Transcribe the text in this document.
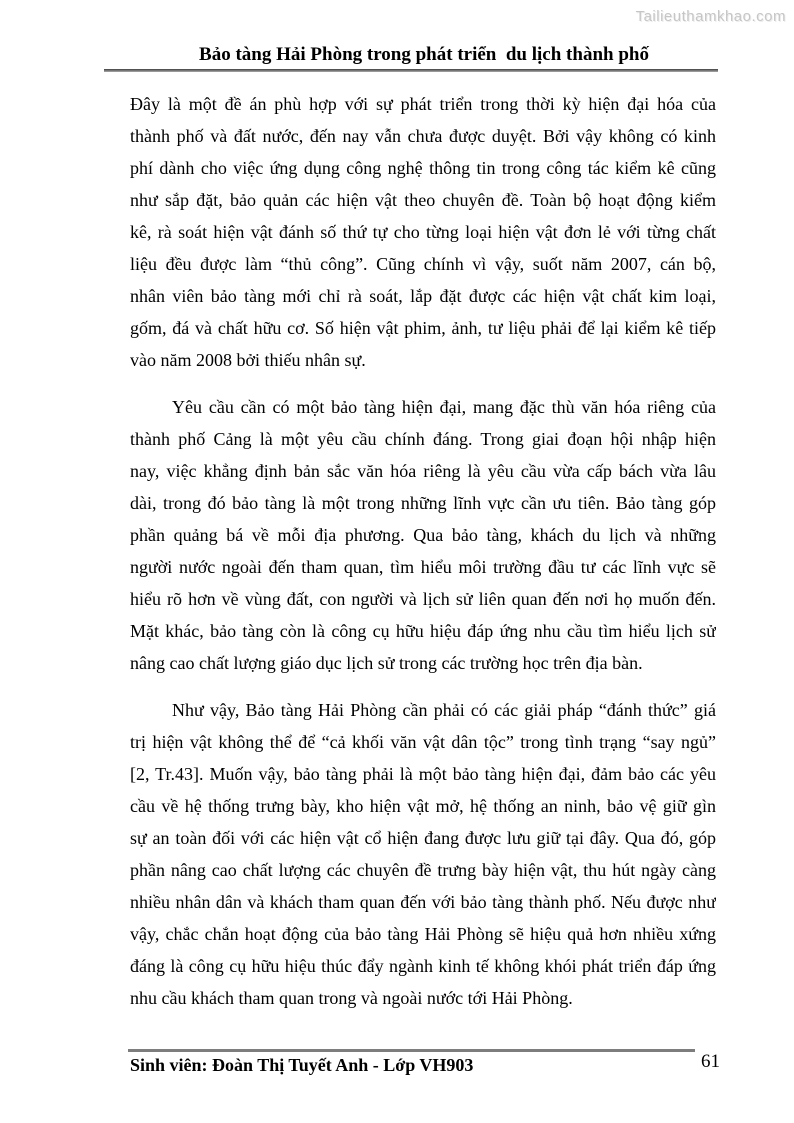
Tailieuthamkhao.com
Bảo tàng Hải Phòng trong phát triển  du lịch thành phố
Đây là một đề án phù hợp với sự phát triển trong thời kỳ hiện đại hóa của
thành phố và đất nước, đến nay vẫn chưa được duyệt. Bởi vậy không có kinh
phí dành cho việc ứng dụng công nghệ thông tin trong công tác kiểm kê cũng
như sắp đặt, bảo quản các hiện vật theo chuyên đề. Toàn bộ hoạt động kiểm
kê, rà soát hiện vật đánh số thứ tự cho từng loại hiện vật đơn lẻ với từng chất
liệu đều được làm “thủ công”. Cũng chính vì vậy, suốt năm 2007, cán bộ,
nhân viên bảo tàng mới chỉ rà soát, lắp đặt được các hiện vật chất kim loại,
gốm, đá và chất hữu cơ. Số hiện vật phim, ảnh, tư liệu phải để lại kiểm kê tiếp
vào năm 2008 bởi thiếu nhân sự.
Yêu cầu cần có một bảo tàng hiện đại, mang đặc thù văn hóa riêng của
thành phố Cảng là một yêu cầu chính đáng. Trong giai đoạn hội nhập hiện
nay, việc khẳng định bản sắc văn hóa riêng là yêu cầu vừa cấp bách vừa lâu
dài, trong đó bảo tàng là một trong những lĩnh vực cần ưu tiên. Bảo tàng góp
phần quảng bá về mỗi địa phương. Qua bảo tàng, khách du lịch và những
người nước ngoài đến tham quan, tìm hiểu môi trường đầu tư các lĩnh vực sẽ
hiểu rõ hơn về vùng đất, con người và lịch sử liên quan đến nơi họ muốn đến.
Mặt khác, bảo tàng còn là công cụ hữu hiệu đáp ứng nhu cầu tìm hiểu lịch sử
nâng cao chất lượng giáo dục lịch sử trong các trường học trên địa bàn.
Như vậy, Bảo tàng Hải Phòng cần phải có các giải pháp “đánh thức” giá
trị hiện vật không thể để “cả khối văn vật dân tộc” trong tình trạng “say ngủ”
[2, Tr.43]. Muốn vậy, bảo tàng phải là một bảo tàng hiện đại, đảm bảo các yêu
cầu về hệ thống trưng bày, kho hiện vật mở, hệ thống an ninh, bảo vệ giữ gìn
sự an toàn đối với các hiện vật cổ hiện đang được lưu giữ tại đây. Qua đó, góp
phần nâng cao chất lượng các chuyên đề trưng bày hiện vật, thu hút ngày càng
nhiều nhân dân và khách tham quan đến với bảo tàng thành phố. Nếu được như
vậy, chắc chắn hoạt động của bảo tàng Hải Phòng sẽ hiệu quả hơn nhiều xứng
đáng là công cụ hữu hiệu thúc đẩy ngành kinh tế không khói phát triển đáp ứng
nhu cầu khách tham quan trong và ngoài nước tới Hải Phòng.
Sinh viên: Đoàn Thị Tuyết Anh - Lớp VH903	61
